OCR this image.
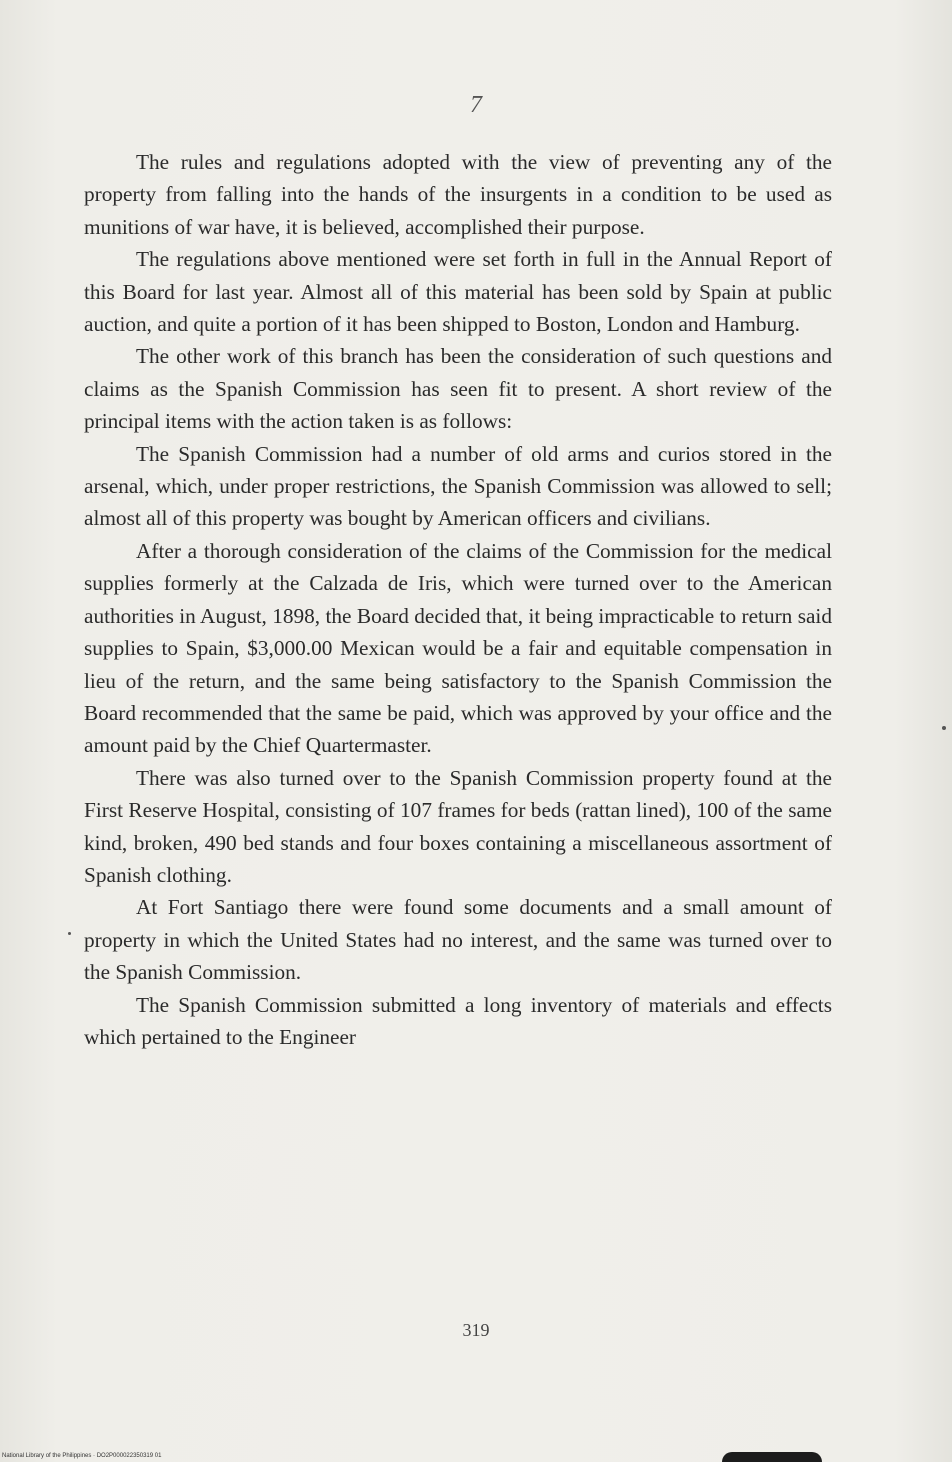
7

The rules and regulations adopted with the view of preventing any of the property from falling into the hands of the insurgents in a condition to be used as munitions of war have, it is believed, accomplished their purpose.

The regulations above mentioned were set forth in full in the Annual Report of this Board for last year. Almost all of this material has been sold by Spain at public auction, and quite a portion of it has been shipped to Boston, London and Hamburg.

The other work of this branch has been the consideration of such questions and claims as the Spanish Commission has seen fit to present. A short review of the principal items with the action taken is as follows:

The Spanish Commission had a number of old arms and curios stored in the arsenal, which, under proper restrictions, the Spanish Commission was allowed to sell; almost all of this property was bought by American officers and civilians.

After a thorough consideration of the claims of the Commission for the medical supplies formerly at the Calzada de Iris, which were turned over to the American authorities in August, 1898, the Board decided that, it being impracticable to return said supplies to Spain, $3,000.00 Mexican would be a fair and equitable compensation in lieu of the return, and the same being satisfactory to the Spanish Commission the Board recommended that the same be paid, which was approved by your office and the amount paid by the Chief Quartermaster.

There was also turned over to the Spanish Commission property found at the First Reserve Hospital, consisting of 107 frames for beds (rattan lined), 100 of the same kind, broken, 490 bed stands and four boxes containing a miscellaneous assortment of Spanish clothing.

At Fort Santiago there were found some documents and a small amount of property in which the United States had no interest, and the same was turned over to the Spanish Commission.

The Spanish Commission submitted a long inventory of materials and effects which pertained to the Engineer

319
National Library of the Philippines · DO2P000022350319 01
